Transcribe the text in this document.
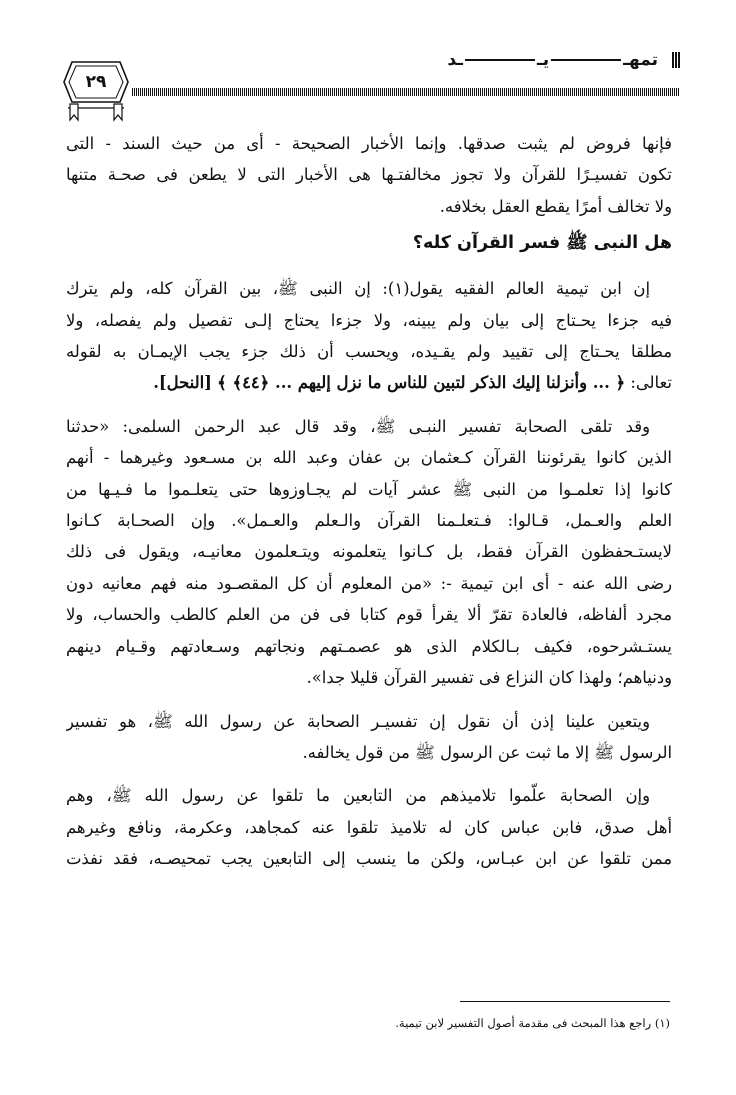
تمهـيــد
٢٩
فإنها فروض لم يثبت صدقها. وإنما الأخبار الصحيحة - أى من حيث السند - التى
تكون تفسيـرًا للقرآن ولا تجوز مخالفتـها هى الأخبار التى لا يطعن فى صحـة متنها
ولا تخالف أمرًا يقطع العقل بخلافه.
هل النبى ﷺ فسر القرآن كله؟
إن ابن تيمية العالم الفقيه يقول(١): إن النبى ﷺ، بين القرآن كله، ولم يترك
فيه جزءا يحـتاج إلى بيان ولم يبينه، ولا جزءا يحتاج إلـى تفصيل ولم يفصله، ولا
مطلقا يحـتاج إلى تقييد ولم يقـيده، ويحسب أن ذلك جزء يجب الإيمـان به لقوله
تعالى: ﴿ ... وأنزلنا إليك الذكر لتبين للناس ما نزل إليهم ... ﴿٤٤﴾ ﴾ [النحل].
وقد تلقى الصحابة تفسير النبـى ﷺ، وقد قال عبد الرحمن السلمى: «حدثنا
الذين كانوا يقرئوننا القرآن كـعثمان بن عفان وعبد الله بن مسـعود وغيرهما - أنهم
كانوا إذا تعلمـوا من النبى ﷺ عشر آيات لم يجـاوزوها حتى يتعلـموا ما فـيـها من
العلم والعـمل، قـالوا: فـتعلـمنا القرآن والـعلم والعـمل». وإن الصحـابة كـانوا
لايستـحفظون القرآن فقط، بل كـانوا يتعلمونه ويتـعلمون معانيـه، ويقول فى ذلك
رضى الله عنه - أى ابن تيمية -: «من المعلوم أن كل المقصـود منه فهم معانيه دون
مجرد ألفاظه، فالعادة تقرّ ألا يقرأ قوم كتابا فى فن من العلم كالطب والحساب، ولا
يستـشرحوه، فكيف بـالكلام الذى هو عصمـتهم ونجاتهم وسـعادتهم وقـيام دينهم
ودنياهم؛ ولهذا كان النزاع فى تفسير القرآن قليلا جدا».
ويتعين علينا إذن أن نقول إن تفسيـر الصحابة عن رسول الله ﷺ، هو تفسير
الرسول ﷺ إلا ما ثبت عن الرسول ﷺ من قول يخالفه.
وإن الصحابة علّموا تلاميذهم من التابعين ما تلقوا عن رسول الله ﷺ، وهم
أهل صدق، فابن عباس كان له تلاميذ تلقوا عنه كمجاهد، وعكرمة، ونافع وغيرهم
ممن تلقوا عن ابن عبـاس، ولكن ما ينسب إلى التابعين يجب تمحيصـه، فقد نفذت
(١) راجع هذا المبحث فى مقدمة أصول التفسير لابن تيمية.
